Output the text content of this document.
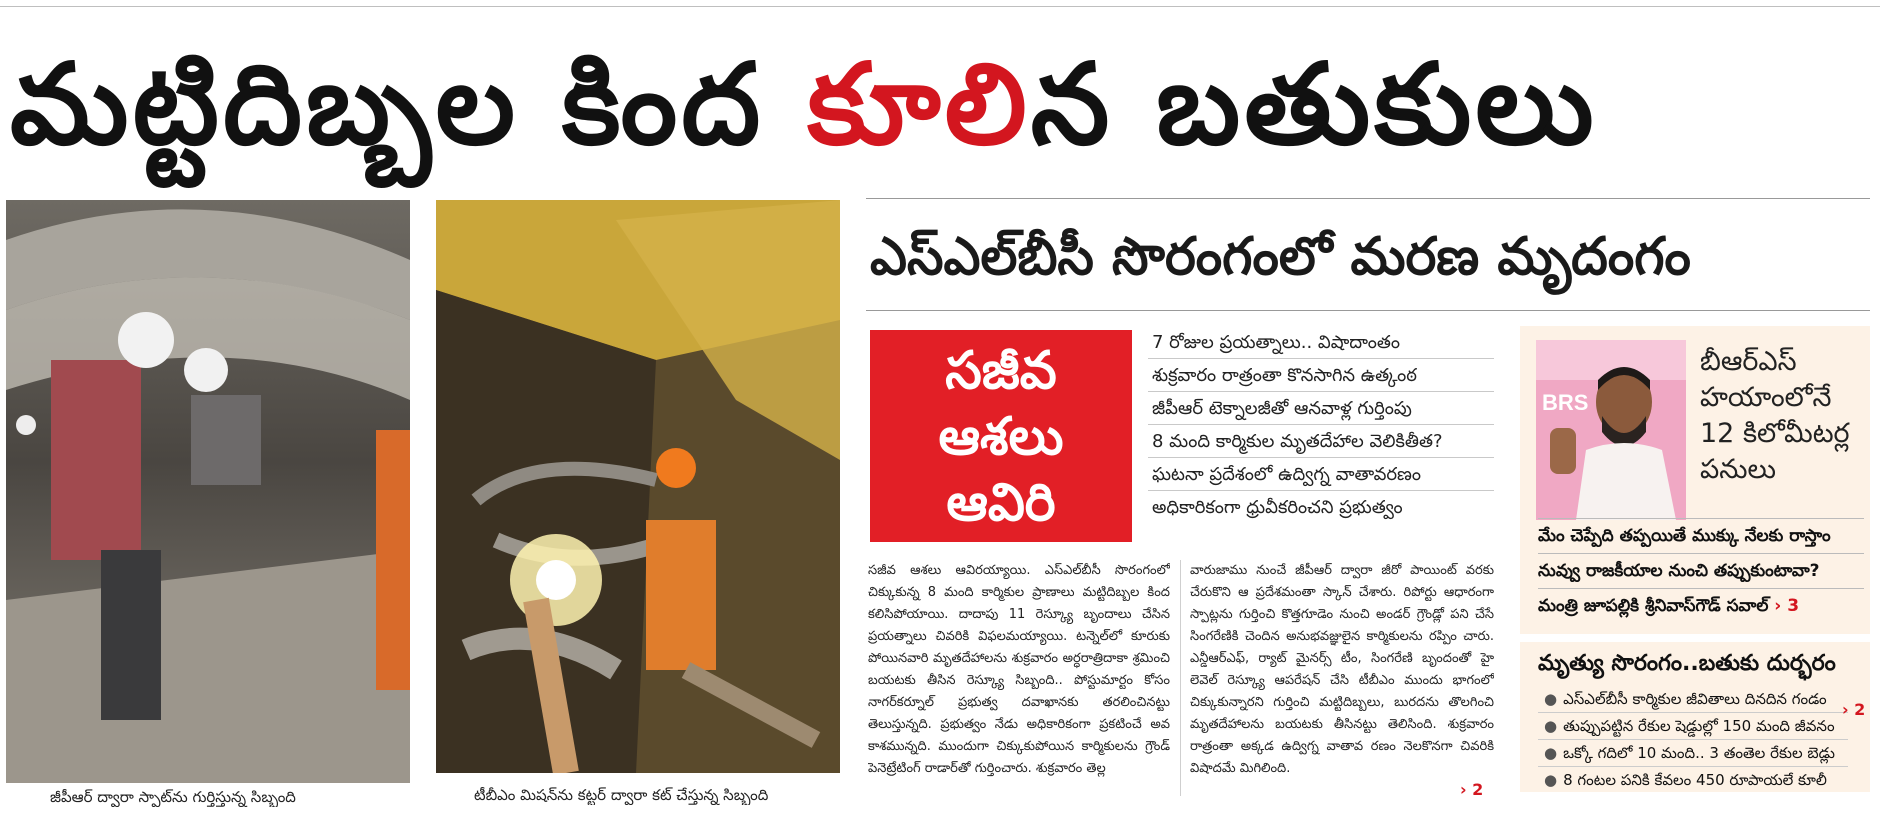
మట్టిదిబ్బల కింద కూలిన బతుకులు
జీపీఆర్ ద్వారా స్పాట్‌ను గుర్తిస్తున్న సిబ్బంది	టీబీఎం మిషన్‌ను కట్టర్ ద్వారా కట్ చేస్తున్న సిబ్బంది
ఎస్ఎల్‌బీసీ సొరంగంలో మరణ మృదంగం
సజీవ
ఆశలు
ఆవిరి
7 రోజుల ప్రయత్నాలు.. విషాదాంతం
శుక్రవారం రాత్రంతా కొనసాగిన ఉత్కంఠ
జీపీఆర్ టెక్నాలజీతో ఆనవాళ్ల గుర్తింపు
8 మంది కార్మికుల మృతదేహాల వెలికితీత?
ఘటనా ప్రదేశంలో ఉద్విగ్న వాతావరణం
అధికారికంగా ధ్రువీకరించని ప్రభుత్వం
సజీవ ఆశలు ఆవిరయ్యాయి. ఎస్ఎల్‌బీసీ సొరంగంలో చిక్కుకున్న 8 మంది కార్మికుల ప్రాణాలు మట్టిదిబ్బల కింద కలిసిపోయాయి. దాదాపు 11 రెస్క్యూ బృందాలు చేసిన ప్రయత్నాలు చివరికి విఫలమయ్యాయి. టన్నెల్‌లో కూరుకు పోయినవారి మృతదేహాలను శుక్రవారం అర్ధరాత్రిదాకా శ్రమించి బయటకు తీసిన రెస్క్యూ సిబ్బంది.. పోస్టుమార్టం కోసం నాగర్‌కర్నూల్ ప్రభుత్వ దవాఖానకు తరలించినట్టు తెలుస్తున్నది. ప్రభుత్వం నేడు అధికారికంగా ప్రకటించే అవ కాశమున్నది. ముందుగా చిక్కుకుపోయిన కార్మికులను గ్రౌండ్ పెనెట్రేటింగ్ రాడార్‌తో గుర్తించారు. శుక్రవారం తెల్ల
వారుజాము నుంచే జీపీఆర్ ద్వారా జీరో పాయింట్ వరకు చేరుకొని ఆ ప్రదేశమంతా స్కాన్ చేశారు. రిపోర్టు ఆధారంగా స్పాట్లను గుర్తించి కొత్తగూడెం నుంచి అండర్ గ్రౌండ్లో పని చేసే సింగరేణికి చెందిన అనుభవజ్ఞులైన కార్మికులను రప్పిం చారు. ఎన్డీఆర్ఎఫ్, ర్యాట్ మైనర్స్ టీం, సింగరేణి బృందంతో హై లెవెల్ రెస్క్యూ ఆపరేషన్ చేసి టీబీఎం ముందు భాగంలో చిక్కుకున్నారని గుర్తించి మట్టిదిబ్బలు, బురదను తొలగించి మృతదేహాలను బయటకు తీసినట్టు తెలిసింది. శుక్రవారం రాత్రంతా అక్కడ ఉద్విగ్న వాతావ రణం నెలకొనగా చివరికి విషాదమే మిగిలింది.
› 2
BRS
బీఆర్ఎస్
హయాంలోనే
12 కిలోమీటర్ల
పనులు
మేం చెప్పేది తప్పయితే ముక్కు నేలకు రాస్తాం
నువ్వు రాజకీయాల నుంచి తప్పుకుంటావా?
మంత్రి జూపల్లికి శ్రీనివాస్‌గౌడ్ సవాల్ › 3
మృత్యు సొరంగం..బతుకు దుర్భరం
● ఎస్ఎల్‌బీసీ కార్మికుల జీవితాలు దినదిన గండం
● తుప్పుపట్టిన రేకుల షెడ్డుల్లో 150 మంది జీవనం
● ఒక్కో గదిలో 10 మంది.. 3 తంతెల రేకుల బెడ్లు
● 8 గంటల పనికి కేవలం 450 రూపాయలే కూలీ
› 2
